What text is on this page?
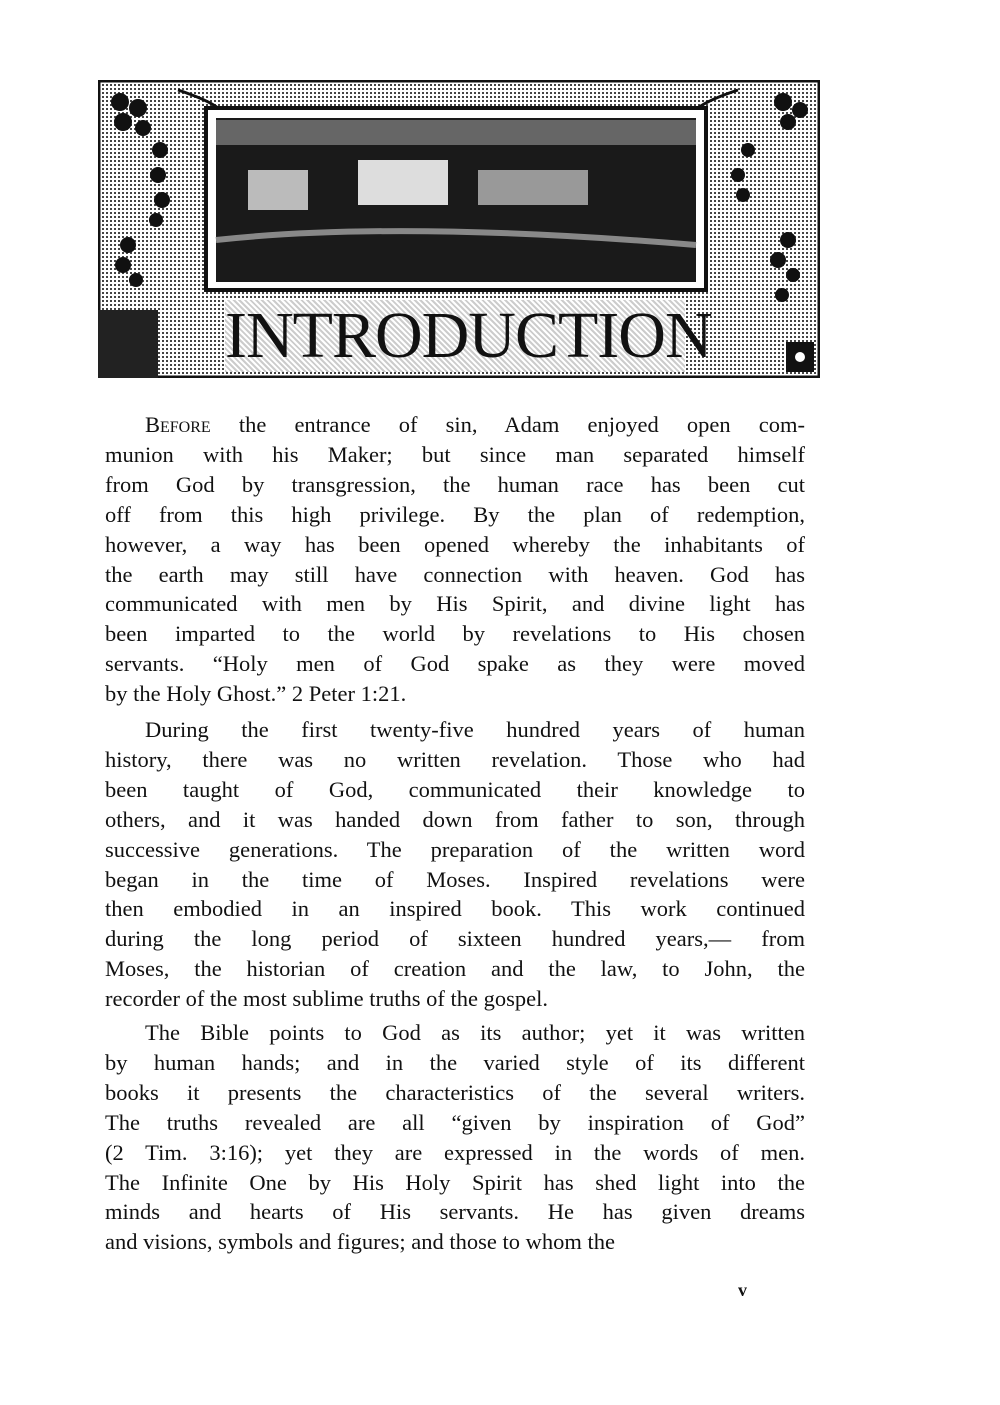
INTRODUCTION
Before the entrance of sin, Adam enjoyed open com-
munion with his Maker; but since man separated himself
from God by transgression, the human race has been cut
off from this high privilege. By the plan of redemption,
however, a way has been opened whereby the inhabitants of
the earth may still have connection with heaven. God has
communicated with men by His Spirit, and divine light has
been imparted to the world by revelations to His chosen
servants. “Holy men of God spake as they were moved
by the Holy Ghost.” 2 Peter 1:21.
During the first twenty-five hundred years of human
history, there was no written revelation. Those who had
been taught of God, communicated their knowledge to
others, and it was handed down from father to son, through
successive generations. The preparation of the written word
began in the time of Moses. Inspired revelations were
then embodied in an inspired book. This work continued
during the long period of sixteen hundred years,— from
Moses, the historian of creation and the law, to John, the
recorder of the most sublime truths of the gospel.
The Bible points to God as its author; yet it was written
by human hands; and in the varied style of its different
books it presents the characteristics of the several writers.
The truths revealed are all “given by inspiration of God”
(2 Tim. 3:16); yet they are expressed in the words of men.
The Infinite One by His Holy Spirit has shed light into the
minds and hearts of His servants. He has given dreams
and visions, symbols and figures; and those to whom the
v
